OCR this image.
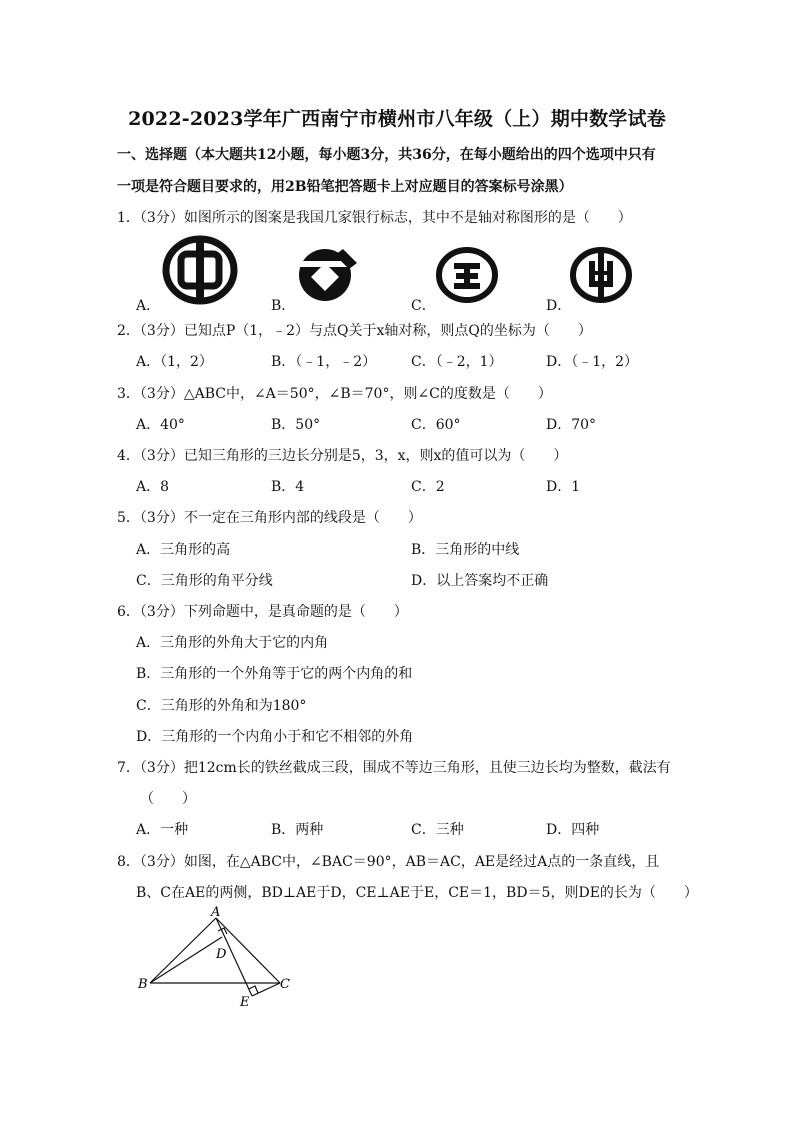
2022-2023学年广西南宁市横州市八年级（上）期中数学试卷
一、选择题（本大题共12小题，每小题3分，共36分，在每小题给出的四个选项中只有
一项是符合题目要求的，用2B铅笔把答题卡上对应题目的答案标号涂黑）
1．（3分）如图所示的图案是我国几家银行标志，其中不是轴对称图形的是（　　）
A．	B．	C．	D．
2．（3分）已知点P（1，﹣2）与点Q关于x轴对称，则点Q的坐标为（　　）
A．（1，2）	B．（﹣1，﹣2） C．（﹣2，1）	D．（﹣1，2）
3．（3分）△ABC中，∠A＝50°，∠B＝70°，则∠C的度数是（　　）
A．40°	B．50°	C．60°	D．70°
4．（3分）已知三角形的三边长分别是5，3，x，则x的值可以为（　　）
A．8	B．4	C．2	D．1
5．（3分）不一定在三角形内部的线段是（　　）
A．三角形的高	B．三角形的中线
C．三角形的角平分线	D．以上答案均不正确
6．（3分）下列命题中，是真命题的是（　　）
A．三角形的外角大于它的内角
B．三角形的一个外角等于它的两个内角的和
C．三角形的外角和为180°
D．三角形的一个内角小于和它不相邻的外角
7．（3分）把12cm长的铁丝截成三段，围成不等边三角形，且使三边长均为整数，截法有
（　　）
A．一种	B．两种	C．三种	D．四种
8．（3分）如图，在△ABC中，∠BAC＝90°，AB＝AC，AE是经过A点的一条直线，且
B、C在AE的两侧，BD⊥AE于D，CE⊥AE于E，CE＝1，BD＝5，则DE的长为（　　）
A
B	C
D
E
